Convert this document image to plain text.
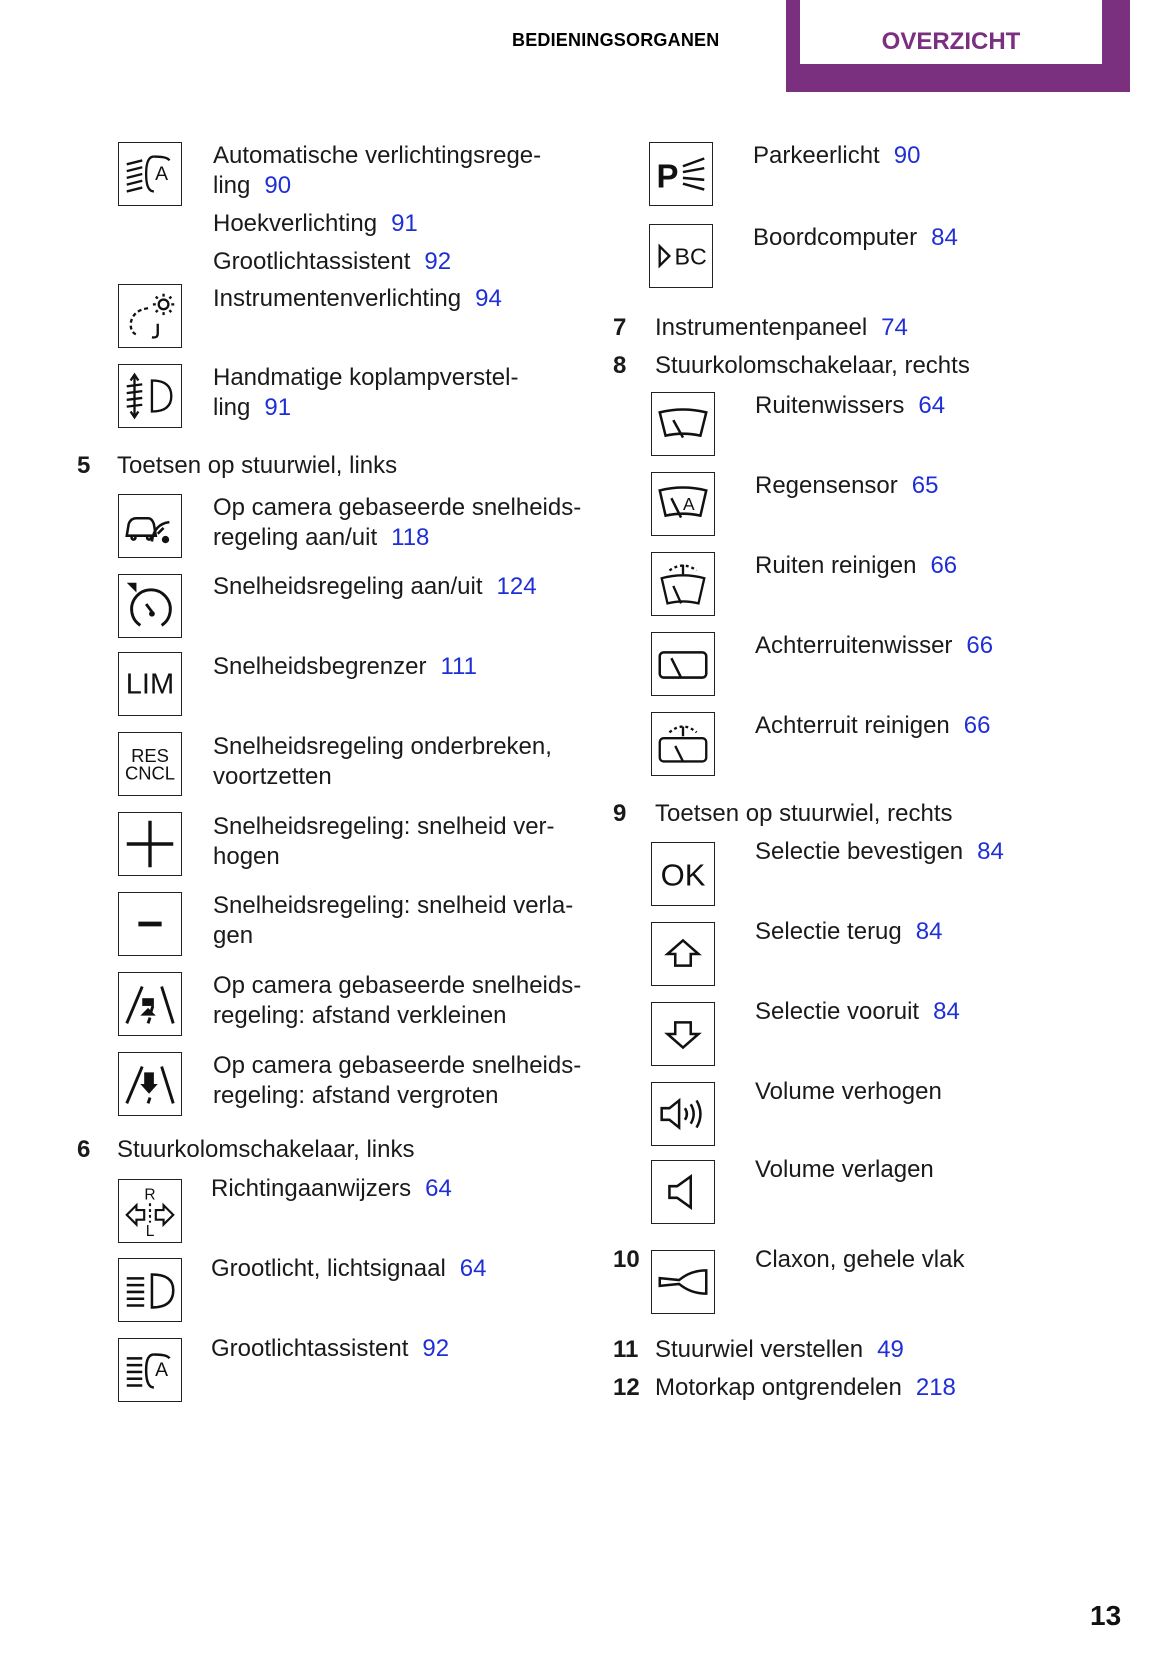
BEDIENINGSORGANEN	OVERZICHT
A
Automatische verlichtingsrege-
ling 90
Hoekverlichting 91
Grootlichtassistent 92
Instrumentenverlichting 94
Handmatige koplampverstel-
ling 91
5 Toetsen op stuurwiel, links
Op camera gebaseerde snelheids-
regeling aan/uit 118
Snelheidsregeling aan/uit 124
LIM
Snelheidsbegrenzer 111
RES
CNCL
Snelheidsregeling onderbreken,
voortzetten
Snelheidsregeling: snelheid ver-
hogen
Snelheidsregeling: snelheid verla-
gen
Op camera gebaseerde snelheids-
regeling: afstand verkleinen
Op camera gebaseerde snelheids-
regeling: afstand vergroten
6 Stuurkolomschakelaar, links
R
L
Richtingaanwijzers 64
Grootlicht, lichtsignaal 64
A
Grootlichtassistent 92
P
Parkeerlicht 90
BC
Boordcomputer 84
7 Instrumentenpaneel 74
8 Stuurkolomschakelaar, rechts
Ruitenwissers 64
A
Regensensor 65
Ruiten reinigen 66
Achterruitenwisser 66
Achterruit reinigen 66
9 Toetsen op stuurwiel, rechts
OK
Selectie bevestigen 84
Selectie terug 84
Selectie vooruit 84
Volume verhogen
Volume verlagen
10	Claxon, gehele vlak
11 Stuurwiel verstellen 49
12 Motorkap ontgrendelen 218
13
